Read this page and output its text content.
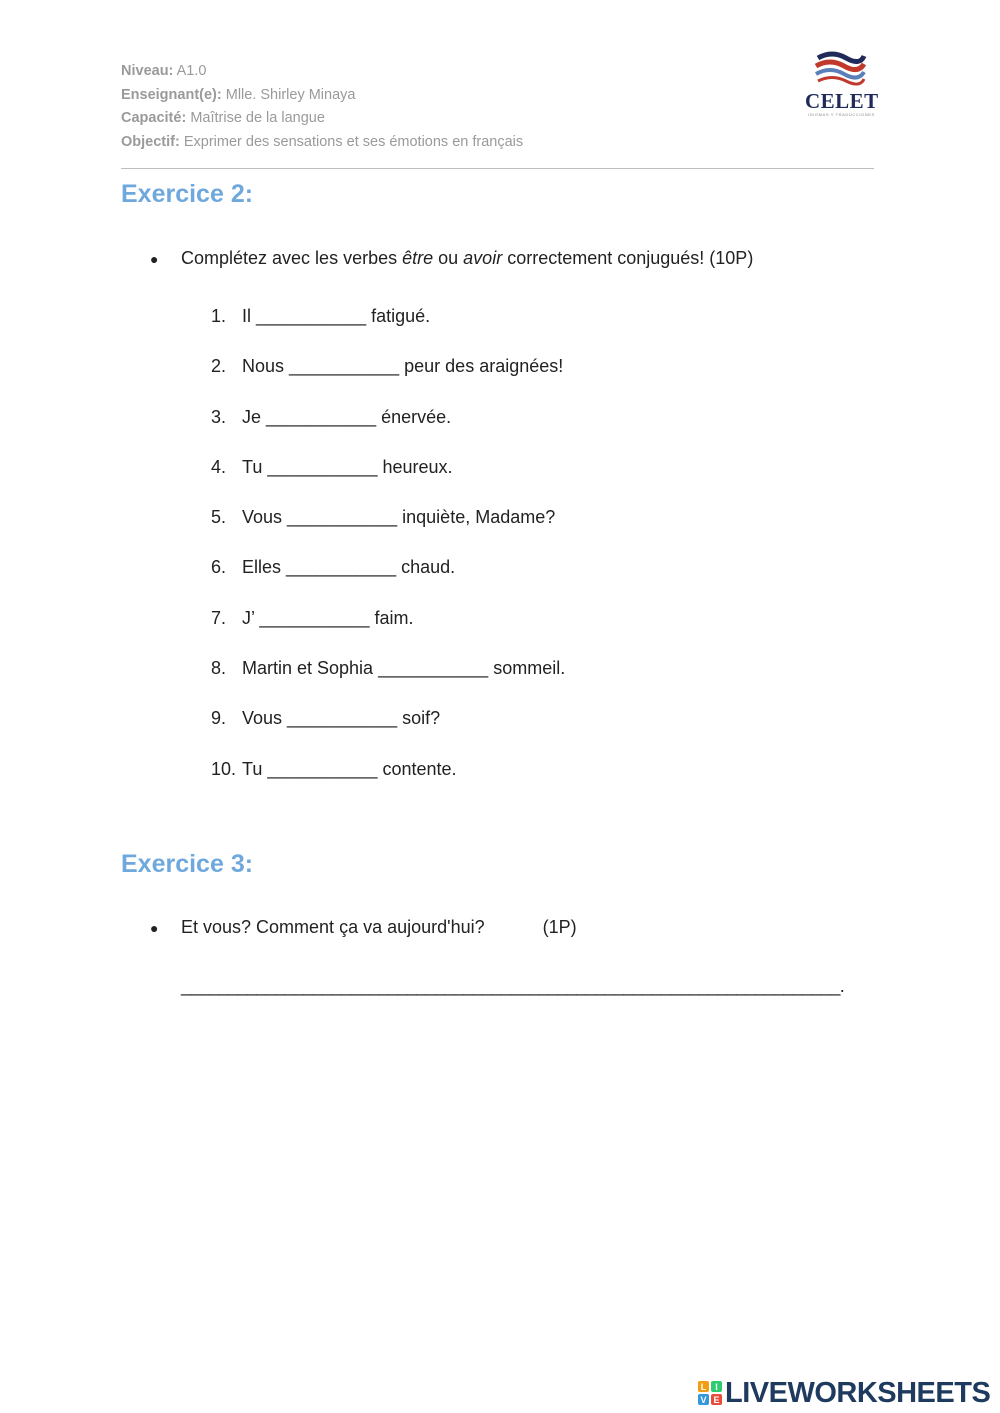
Niveau: A1.0
Enseignant(e): Mlle. Shirley Minaya
Capacité: Maîtrise de la langue
Objectif: Exprimer des sensations et ses émotions en français
CELET
IDIOMAS Y TRADUCCIONES
Exercice 2:
● Complétez avec les verbes être ou avoir correctement conjugués! (10P)
1. Il ___________ fatigué.
2. Nous ___________ peur des araignées!
3. Je ___________ énervée.
4. Tu ___________ heureux.
5. Vous ___________ inquiète, Madame?
6. Elles ___________ chaud.
7. J’ ___________ faim.
8. Martin et Sophia ___________ sommeil.
9. Vous ___________ soif?
10. Tu ___________ contente.
Exercice 3:
● Et vous? Comment ça va aujourd'hui?	(1P)
______________________________________________________________________.
L I
V E LIVEWORKSHEETS
